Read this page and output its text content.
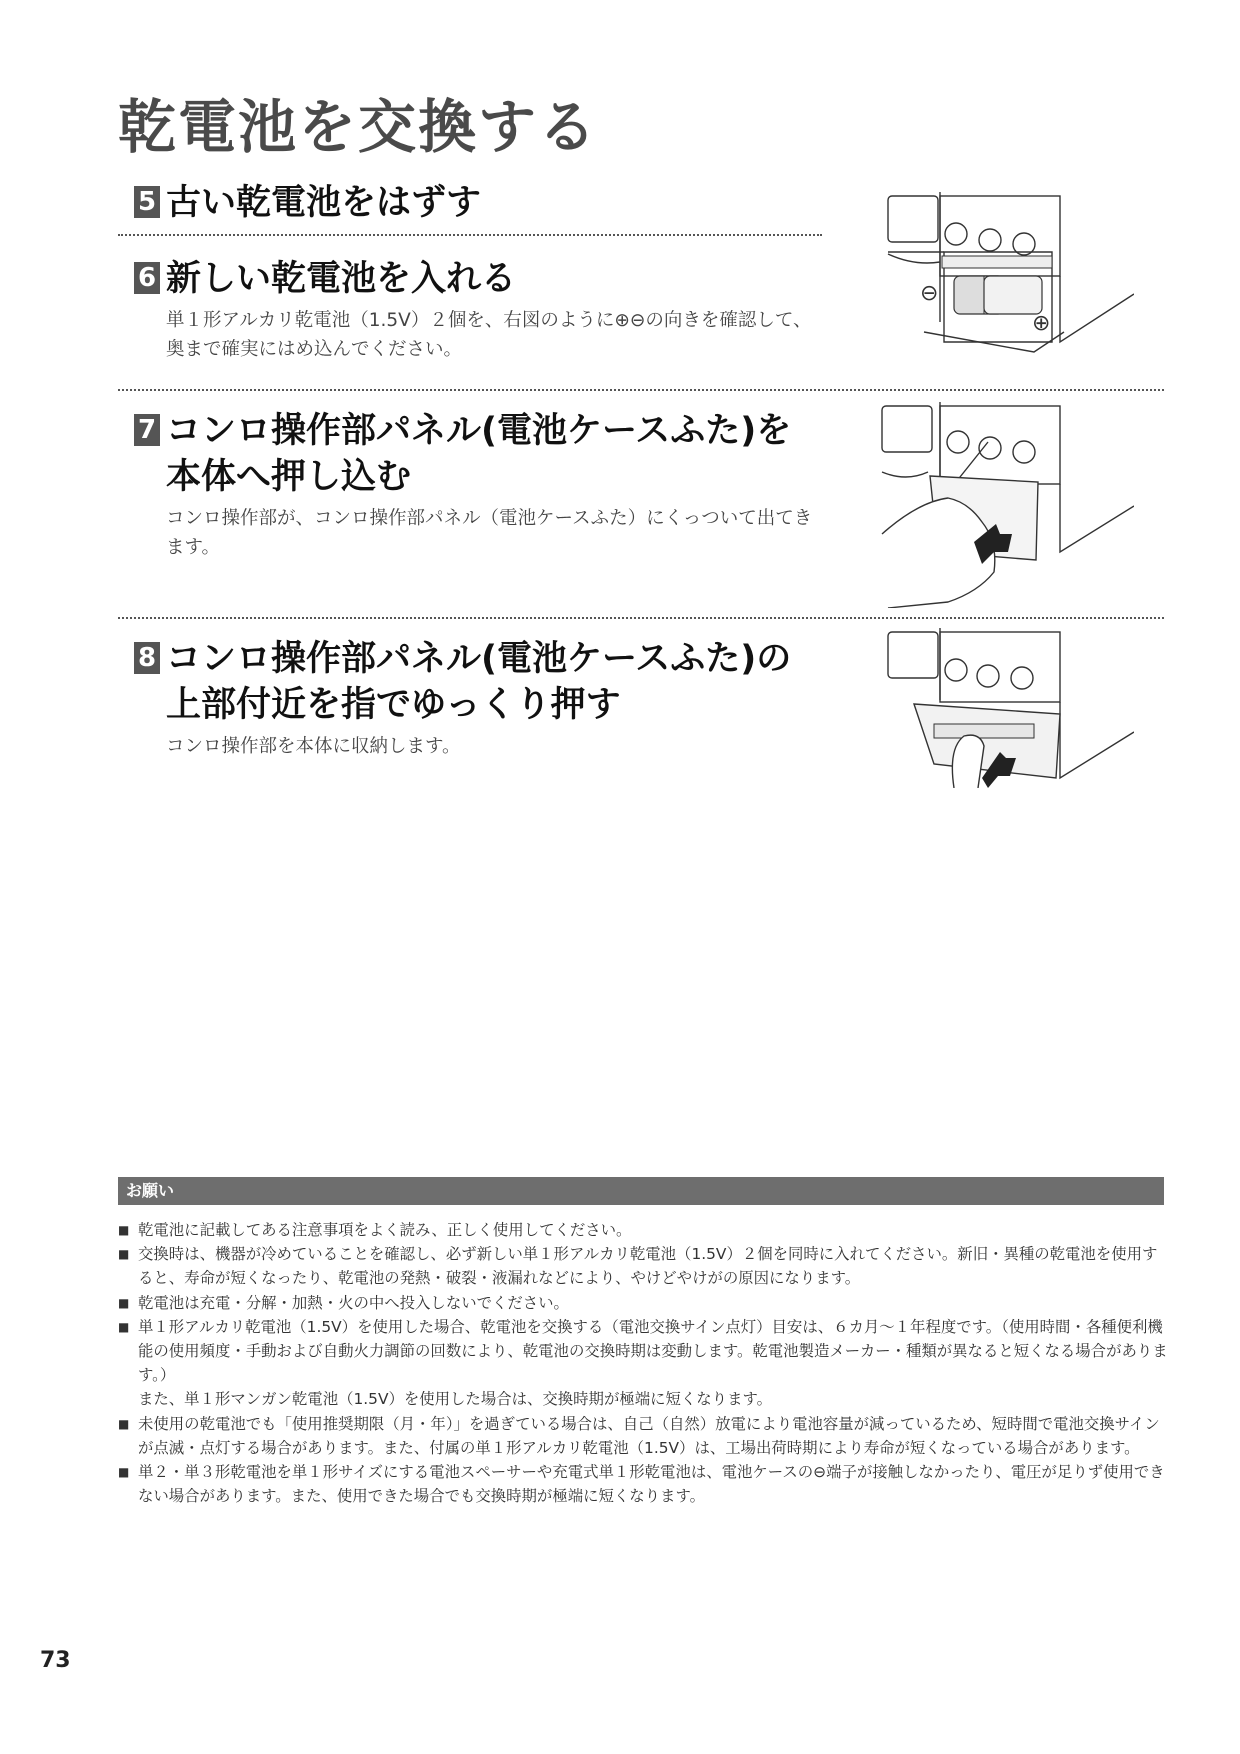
乾電池を交換する
5 古い乾電池をはずす
6 新しい乾電池を入れる
単１形アルカリ乾電池（1.5V）２個を、右図のように⊕⊖の向きを確認して、奥まで確実にはめ込んでください。
7 コンロ操作部パネル(電池ケースふた)を
本体へ押し込む
コンロ操作部が、コンロ操作部パネル（電池ケースふた）にくっついて出てきます。
8 コンロ操作部パネル(電池ケースふた)の
上部付近を指でゆっくり押す
コンロ操作部を本体に収納します。
⊖
⊕
お願い
■ 乾電池に記載してある注意事項をよく読み、正しく使用してください。
■ 交換時は、機器が冷めていることを確認し、必ず新しい単１形アルカリ乾電池（1.5V）２個を同時に入れてください。新旧・異種の乾電池を使用すると、寿命が短くなったり、乾電池の発熱・破裂・液漏れなどにより、やけどやけがの原因になります。
■ 乾電池は充電・分解・加熱・火の中へ投入しないでください。
■ 単１形アルカリ乾電池（1.5V）を使用した場合、乾電池を交換する（電池交換サイン点灯）目安は、６カ月～１年程度です。（使用時間・各種便利機能の使用頻度・手動および自動火力調節の回数により、乾電池の交換時期は変動します。乾電池製造メーカー・種類が異なると短くなる場合があります。）
また、単１形マンガン乾電池（1.5V）を使用した場合は、交換時期が極端に短くなります。
■ 未使用の乾電池でも「使用推奨期限（月・年）」を過ぎている場合は、自己（自然）放電により電池容量が減っているため、短時間で電池交換サインが点滅・点灯する場合があります。また、付属の単１形アルカリ乾電池（1.5V）は、工場出荷時期により寿命が短くなっている場合があります。
■ 単２・単３形乾電池を単１形サイズにする電池スペーサーや充電式単１形乾電池は、電池ケースの⊖端子が接触しなかったり、電圧が足りず使用できない場合があります。また、使用できた場合でも交換時期が極端に短くなります。
73
